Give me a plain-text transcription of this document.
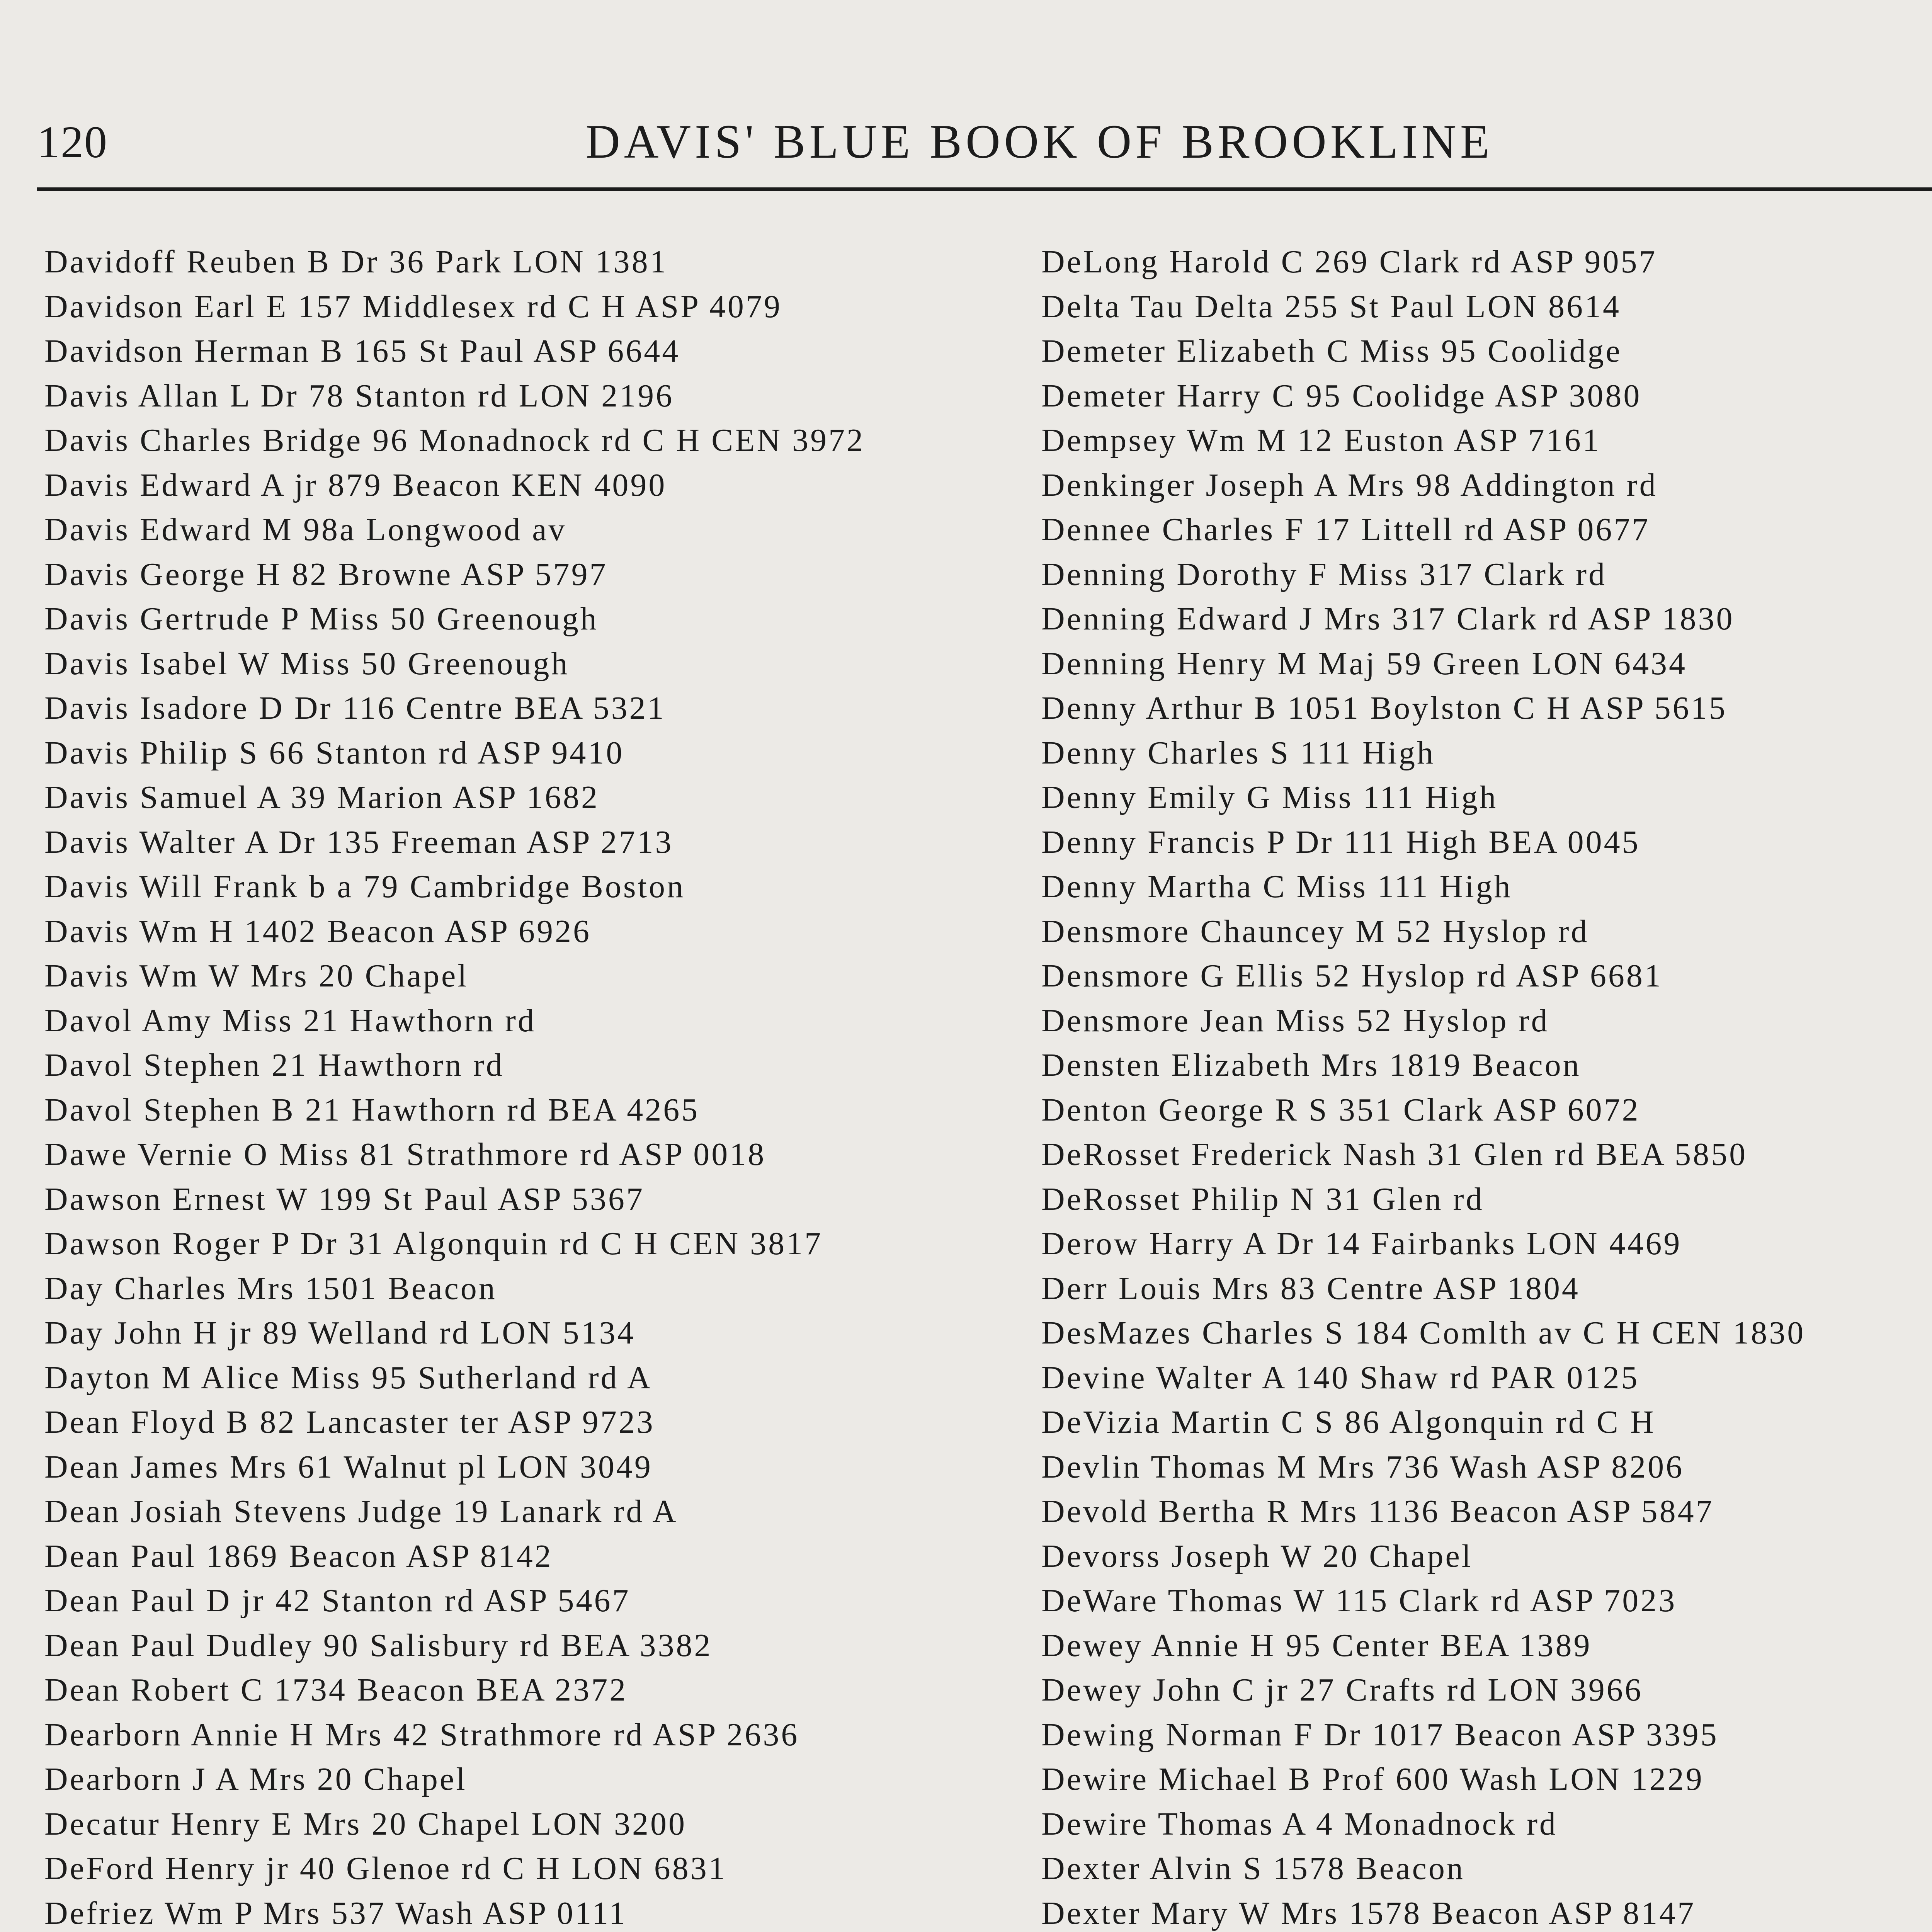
120	DAVIS' BLUE BOOK OF BROOKLINE
Davidoff Reuben B Dr 36 Park LON 1381
Davidson Earl E 157 Middlesex rd C H ASP 4079
Davidson Herman B 165 St Paul ASP 6644
Davis Allan L Dr 78 Stanton rd LON 2196
Davis Charles Bridge 96 Monadnock rd C H CEN 3972
Davis Edward A jr 879 Beacon KEN 4090
Davis Edward M 98a Longwood av
Davis George H 82 Browne ASP 5797
Davis Gertrude P Miss 50 Greenough
Davis Isabel W Miss 50 Greenough
Davis Isadore D Dr 116 Centre BEA 5321
Davis Philip S 66 Stanton rd ASP 9410
Davis Samuel A 39 Marion ASP 1682
Davis Walter A Dr 135 Freeman ASP 2713
Davis Will Frank b a 79 Cambridge Boston
Davis Wm H 1402 Beacon ASP 6926
Davis Wm W Mrs 20 Chapel
Davol Amy Miss 21 Hawthorn rd
Davol Stephen 21 Hawthorn rd
Davol Stephen B 21 Hawthorn rd BEA 4265
Dawe Vernie O Miss 81 Strathmore rd ASP 0018
Dawson Ernest W 199 St Paul ASP 5367
Dawson Roger P Dr 31 Algonquin rd C H CEN 3817
Day Charles Mrs 1501 Beacon
Day John H jr 89 Welland rd LON 5134
Dayton M Alice Miss 95 Sutherland rd A
Dean Floyd B 82 Lancaster ter ASP 9723
Dean James Mrs 61 Walnut pl LON 3049
Dean Josiah Stevens Judge 19 Lanark rd A
Dean Paul 1869 Beacon ASP 8142
Dean Paul D jr 42 Stanton rd ASP 5467
Dean Paul Dudley 90 Salisbury rd BEA 3382
Dean Robert C 1734 Beacon BEA 2372
Dearborn Annie H Mrs 42 Strathmore rd ASP 2636
Dearborn J A Mrs 20 Chapel
Decatur Henry E Mrs 20 Chapel LON 3200
DeFord Henry jr 40 Glenoe rd C H LON 6831
Defriez Wm P Mrs 537 Wash ASP 0111
DeLong Harold C 269 Clark rd ASP 9057
Delta Tau Delta 255 St Paul LON 8614
Demeter Elizabeth C Miss 95 Coolidge
Demeter Harry C 95 Coolidge ASP 3080
Dempsey Wm M 12 Euston ASP 7161
Denkinger Joseph A Mrs 98 Addington rd
Dennee Charles F 17 Littell rd ASP 0677
Denning Dorothy F Miss 317 Clark rd
Denning Edward J Mrs 317 Clark rd ASP 1830
Denning Henry M Maj 59 Green LON 6434
Denny Arthur B 1051 Boylston C H ASP 5615
Denny Charles S 111 High
Denny Emily G Miss 111 High
Denny Francis P Dr 111 High BEA 0045
Denny Martha C Miss 111 High
Densmore Chauncey M 52 Hyslop rd
Densmore G Ellis 52 Hyslop rd ASP 6681
Densmore Jean Miss 52 Hyslop rd
Densten Elizabeth Mrs 1819 Beacon
Denton George R S 351 Clark ASP 6072
DeRosset Frederick Nash 31 Glen rd BEA 5850
DeRosset Philip N 31 Glen rd
Derow Harry A Dr 14 Fairbanks LON 4469
Derr Louis Mrs 83 Centre ASP 1804
DesMazes Charles S 184 Comlth av C H CEN 1830
Devine Walter A 140 Shaw rd PAR 0125
DeVizia Martin C S 86 Algonquin rd C H
Devlin Thomas M Mrs 736 Wash ASP 8206
Devold Bertha R Mrs 1136 Beacon ASP 5847
Devorss Joseph W 20 Chapel
DeWare Thomas W 115 Clark rd ASP 7023
Dewey Annie H 95 Center BEA 1389
Dewey John C jr 27 Crafts rd LON 3966
Dewing Norman F Dr 1017 Beacon ASP 3395
Dewire Michael B Prof 600 Wash LON 1229
Dewire Thomas A 4 Monadnock rd
Dexter Alvin S 1578 Beacon
Dexter Mary W Mrs 1578 Beacon ASP 8147
